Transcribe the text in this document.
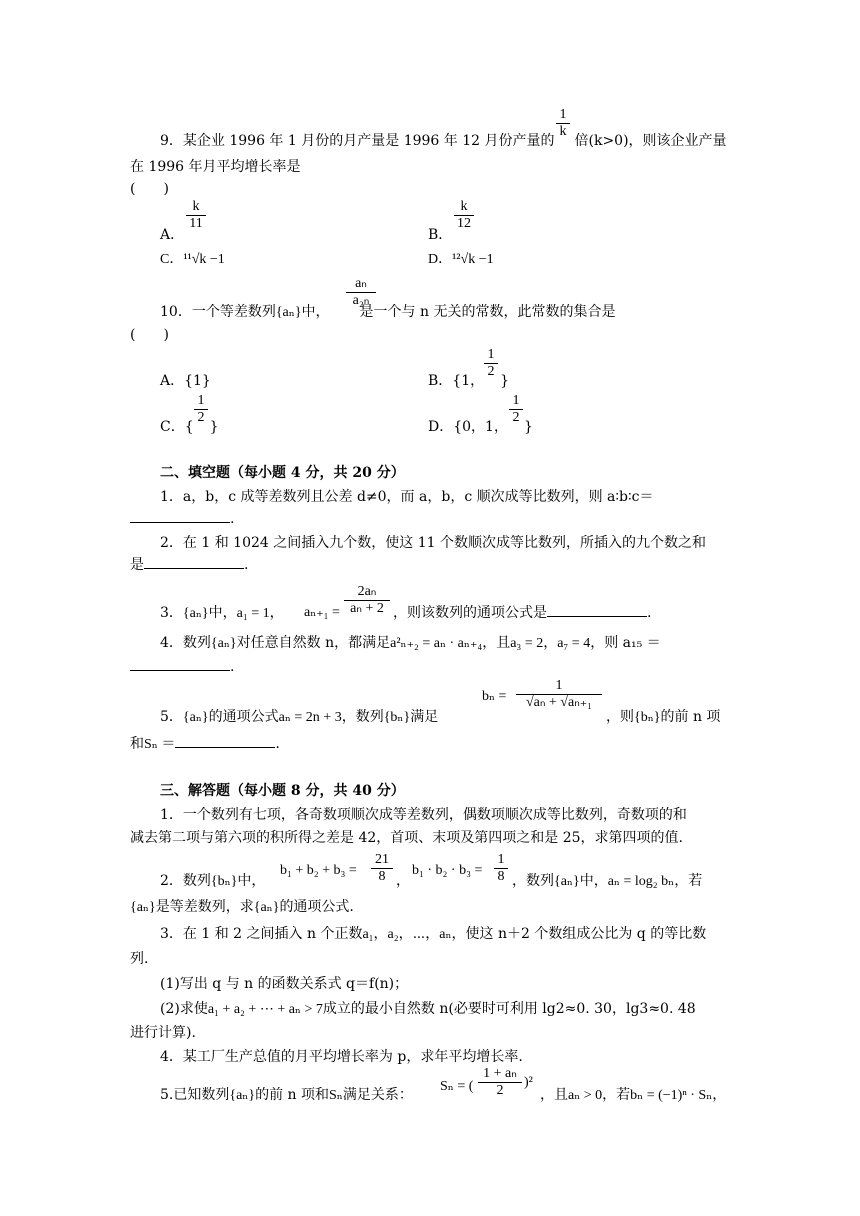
$\frac{1}{k}$
9．某企业 1996 年 1 月份的月产量是 1996 年 12 月份产量的 倍(k>0)，则该企业产量
在 1996 年月平均增长率是
(　　)
A．
$\frac{k}{11}$
B．
$\frac{k}{12}$
C．¹¹√k −1	D．¹²√k −1
10．一个等差数列{aₙ}中， 是一个与 n 无关的常数，此常数的集合是
$\frac{\text{aₙ}}{\text{a₂ₙ}}$
(　　)
A．{1}	B．{1， }
$\frac{1}{2}$
C．{ }
$\frac{1}{2}$
D．{0，1， }
$\frac{1}{2}$
二、填空题（每小题 4 分，共 20 分）
1．a，b，c 成等差数列且公差 d≠0，而 a，b，c 顺次成等比数列，则 a∶b∶c＝
.
2．在 1 和 1024 之间插入九个数，使这 11 个数顺次成等比数列，所插入的九个数之和
是	.
3．{aₙ}中，a₁ = 1， $a_{n+1} = \frac{\text{2aₙ}}{\text{aₙ + 2}}$ ，则该数列的通项公式是	.
4．数列{aₙ}对任意自然数 n，都满足a²ₙ₊₂ = aₙ · aₙ₊₄，且a₃ = 2，a₇ = 4，则 a₁₅ ＝
.
5．{aₙ}的通项公式aₙ = 2n + 3，数列{bₙ}满足
$b_n = \frac{1}{\text{√aₙ + √aₙ₊₁}}$
，则{bₙ}的前 n 项
和Sₙ ＝	.
三、解答题（每小题 8 分，共 40 分）
1．一个数列有七项，各奇数项顺次成等差数列，偶数项顺次成等比数列，奇数项的和
减去第二项与第六项的积所得之差是 42，首项、末项及第四项之和是 25，求第四项的值.
2．数列{bₙ}中，
$b_1 + b_2 + b_3 = \frac{21}{8}$ ，
$b_1 \cdot b_2 \cdot b_3 = \frac{1}{8}$ ，数列{aₙ}中，aₙ = log₂ bₙ，若
{aₙ}是等差数列，求{aₙ}的通项公式.
3．在 1 和 2 之间插入 n 个正数a₁，a₂，⋯，aₙ，使这 n＋2 个数组成公比为 q 的等比数
列.
(1)写出 q 与 n 的函数关系式 q＝f(n)；
(2)求使a₁ + a₂ + ⋯ + aₙ > 7成立的最小自然数 n(必要时可利用 lg2≈0. 30，lg3≈0. 48
进行计算).
4．某工厂生产总值的月平均增长率为 p，求年平均增长率.
5.已知数列{aₙ}的前 n 项和Sₙ满足关系：
Sₙ = ( $\frac{\text{1 + aₙ}}{2} )^2$
，且aₙ > 0，若bₙ = (−1)ⁿ · Sₙ，
